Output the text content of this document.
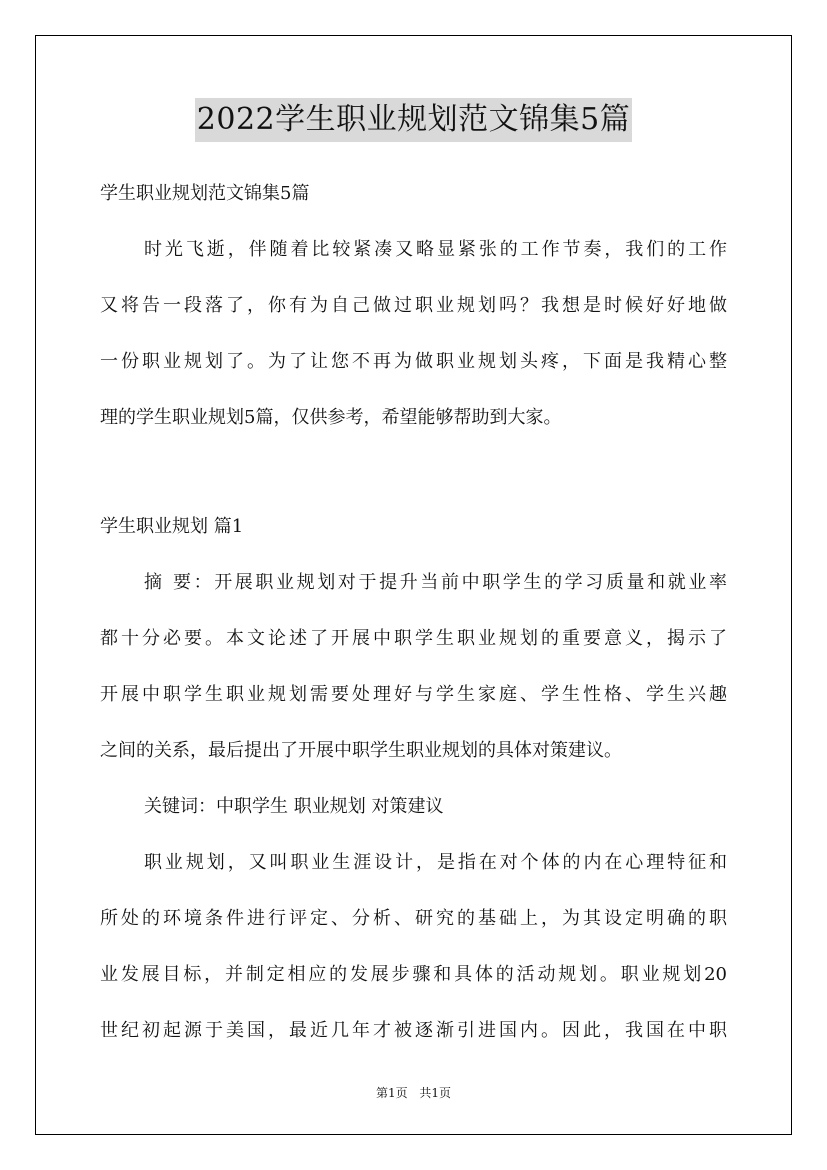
2022学生职业规划范文锦集5篇
学生职业规划范文锦集5篇
时光飞逝，伴随着比较紧凑又略显紧张的工作节奏，我们的工作
又将告一段落了，你有为自己做过职业规划吗？我想是时候好好地做
一份职业规划了。为了让您不再为做职业规划头疼，下面是我精心整
理的学生职业规划5篇，仅供参考，希望能够帮助到大家。
学生职业规划 篇1
摘 要：开展职业规划对于提升当前中职学生的学习质量和就业率
都十分必要。本文论述了开展中职学生职业规划的重要意义，揭示了
开展中职学生职业规划需要处理好与学生家庭、学生性格、学生兴趣
之间的关系，最后提出了开展中职学生职业规划的具体对策建议。
关键词：中职学生 职业规划 对策建议
职业规划，又叫职业生涯设计，是指在对个体的内在心理特征和
所处的环境条件进行评定、分析、研究的基础上，为其设定明确的职
业发展目标，并制定相应的发展步骤和具体的活动规划。职业规划20
世纪初起源于美国，最近几年才被逐渐引进国内。因此，我国在中职
第1页 共1页
